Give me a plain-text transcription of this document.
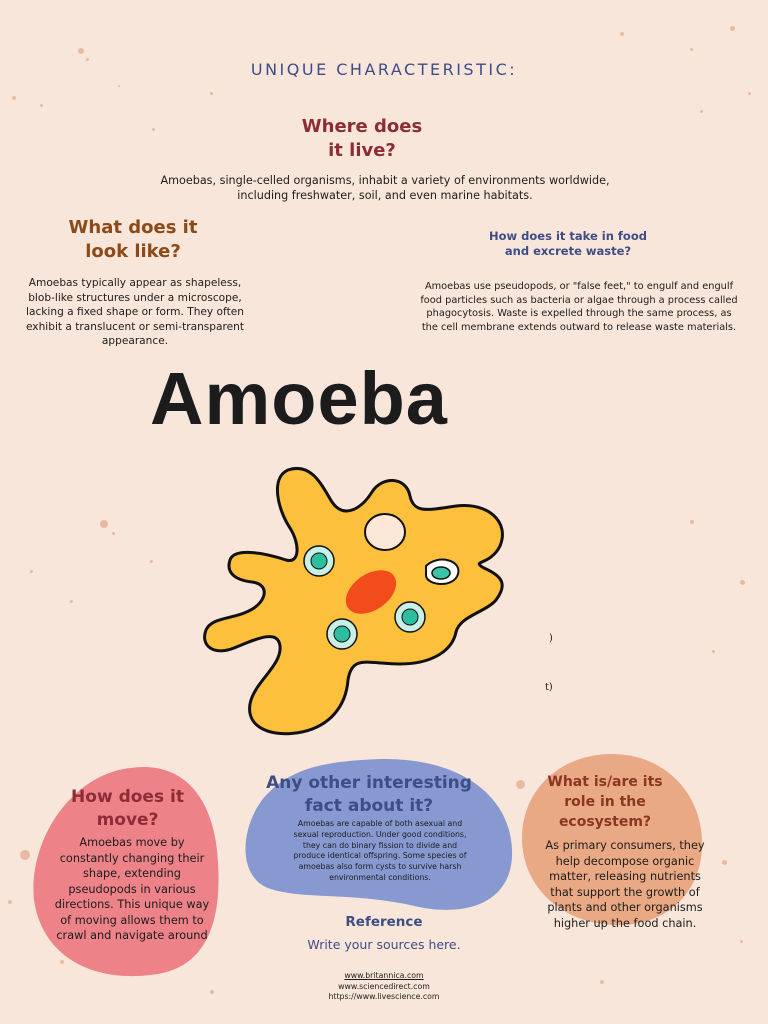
UNIQUE CHARACTERISTIC:
Where does it live?
Amoebas, single-celled organisms, inhabit a variety of environments worldwide, including freshwater, soil, and even marine habitats.
What does it look like?
Amoebas typically appear as shapeless, blob-like structures under a microscope, lacking a fixed shape or form. They often exhibit a translucent or semi-transparent appearance.
How does it take in food and excrete waste?
Amoebas use pseudopods, or "false feet," to engulf and engulf food particles such as bacteria or algae through a process called phagocytosis. Waste is expelled through the same process, as the cell membrane extends outward to release waste materials.
Amoeba
)
t)
How does it move?
Amoebas move by constantly changing their shape, extending pseudopods in various directions. This unique way of moving allows them to crawl and navigate around
Any other interesting fact about it?
Amoebas are capable of both asexual and sexual reproduction. Under good conditions, they can do binary fission to divide and produce identical offspring. Some species of amoebas also form cysts to survive harsh environmental conditions.
What is/are its role in the ecosystem?
As primary consumers, they help decompose organic matter, releasing nutrients that support the growth of plants and other organisms higher up the food chain.
Reference
Write your sources here.
www.britannica.com
www.sciencedirect.com
https://www.livescience.com
